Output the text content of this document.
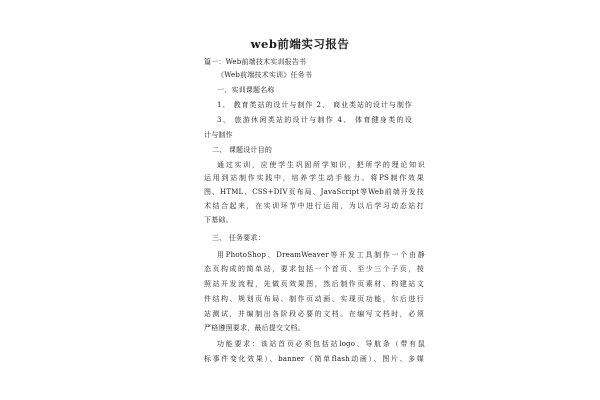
web前端实习报告
篇一：Web前端技术实训报告书
《Web前端技术实训》任务书
一、实训课题名称
1、 教育类站的设计与制作 2、 商业类站的设计与制作
3、 旅游休闲类站的设计与制作 4、 体育健身类的设
计与制作
二、 课题设计目的
通过实训，应使学生巩固所学知识，把所学的理论知识
运用到站制作实践中，培养学生动手能力。将PS制作效果
图、HTML、CSS+DIV页布局、JavaScript等Web前端开发技
术结合起来，在实训环节中进行运用，为以后学习动态站打
下基础。
三、 任务要求：
用PhotoShop、DreamWeaver等开发工具制作一个由静
态页构成的简单站，要求包括一个首页、至少三个子页，按
照站开发流程，先做页效果图，然后制作页素材、构建站文
件结构、规划页布局、制作页动画、实现页功能，尔后进行
站测试，并编制出各阶段必要的文档。在编写文档时，必须
严格遵照要求，最后提交文档。
功能要求：该站首页必须包括站logo、导航条（带有鼠
标事件变化效果）、banner（简单flash动画）、图片、多媒
